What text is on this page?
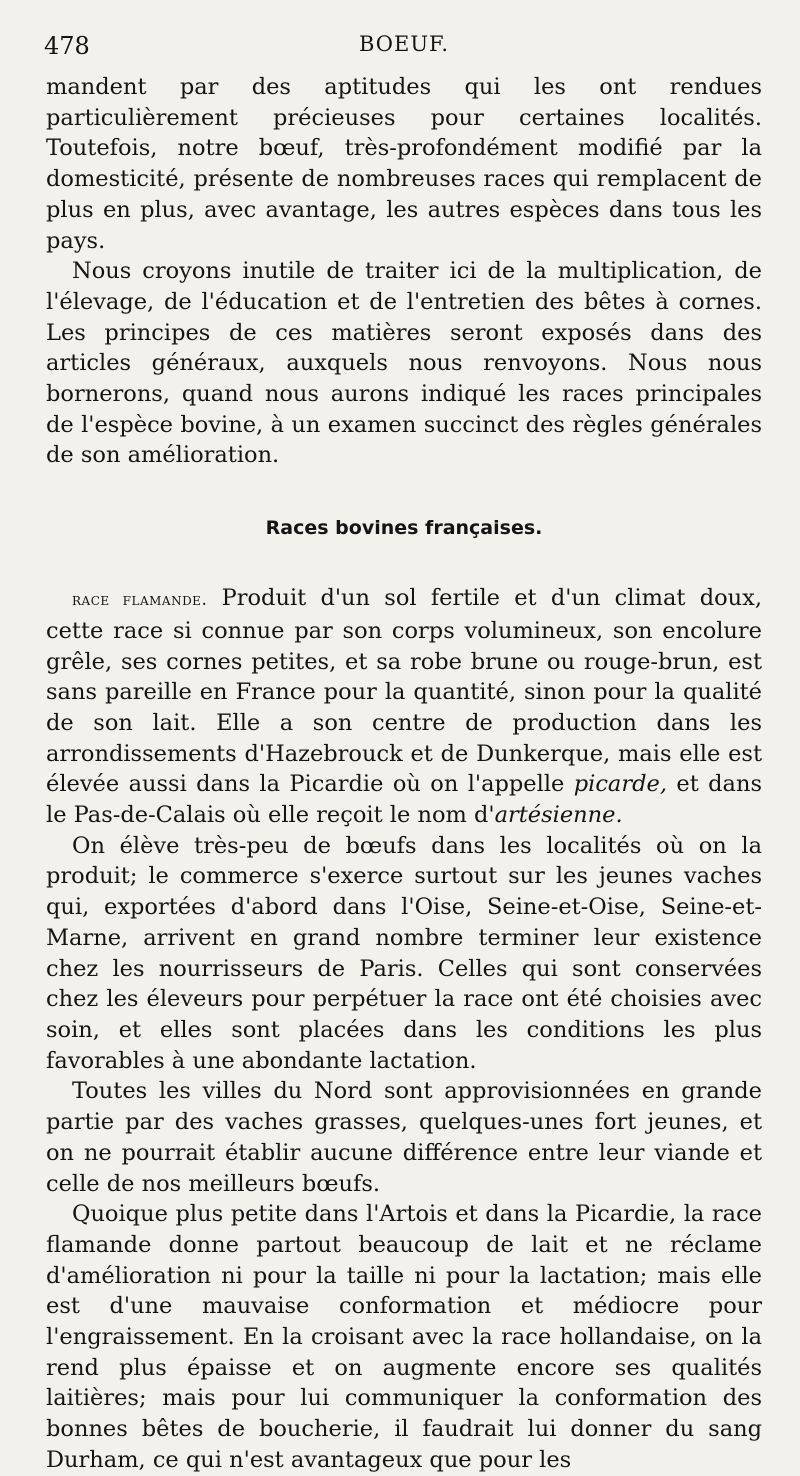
478	BOEUF.

mandent par des aptitudes qui les ont rendues particulièrement précieuses pour certaines localités. Toutefois, notre bœuf, très-profondément modifié par la domesticité, présente de nombreuses races qui remplacent de plus en plus, avec avantage, les autres espèces dans tous les pays.

Nous croyons inutile de traiter ici de la multiplication, de l'élevage, de l'éducation et de l'entretien des bêtes à cornes. Les principes de ces matières seront exposés dans des articles généraux, auxquels nous renvoyons. Nous nous bornerons, quand nous aurons indiqué les races principales de l'espèce bovine, à un examen succinct des règles générales de son amélioration.

Races bovines françaises.

race flamande. Produit d'un sol fertile et d'un climat doux, cette race si connue par son corps volumineux, son encolure grêle, ses cornes petites, et sa robe brune ou rouge-brun, est sans pareille en France pour la quantité, sinon pour la qualité de son lait. Elle a son centre de production dans les arrondissements d'Hazebrouck et de Dunkerque, mais elle est élevée aussi dans la Picardie où on l'appelle picarde, et dans le Pas-de-Calais où elle reçoit le nom d'artésienne.

On élève très-peu de bœufs dans les localités où on la produit; le commerce s'exerce surtout sur les jeunes vaches qui, exportées d'abord dans l'Oise, Seine-et-Oise, Seine-et-Marne, arrivent en grand nombre terminer leur existence chez les nourrisseurs de Paris. Celles qui sont conservées chez les éleveurs pour perpétuer la race ont été choisies avec soin, et elles sont placées dans les conditions les plus favorables à une abondante lactation.

Toutes les villes du Nord sont approvisionnées en grande partie par des vaches grasses, quelques-unes fort jeunes, et on ne pourrait établir aucune différence entre leur viande et celle de nos meilleurs bœufs.

Quoique plus petite dans l'Artois et dans la Picardie, la race flamande donne partout beaucoup de lait et ne réclame d'amélioration ni pour la taille ni pour la lactation; mais elle est d'une mauvaise conformation et médiocre pour l'engraissement. En la croisant avec la race hollandaise, on la rend plus épaisse et on augmente encore ses qualités laitières; mais pour lui communiquer la conformation des bonnes bêtes de boucherie, il faudrait lui donner du sang Durham, ce qui n'est avantageux que pour les
